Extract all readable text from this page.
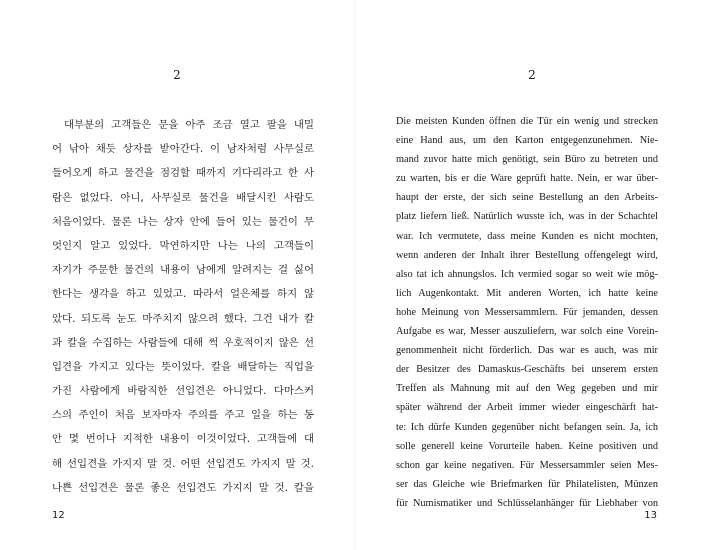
2
대부분의 고객들은 문을 아주 조금 열고 팔을 내밀
어 낚아 채듯 상자를 받아간다. 이 남자처럼 사무실로
들어오게 하고 물건을 점검할 때까지 기다리라고 한 사
람은 없었다. 아니, 사무실로 물건을 배달시킨 사람도
처음이었다. 물론 나는 상자 안에 들어 있는 물건이 무
엇인지 알고 있었다. 막연하지만 나는 나의 고객들이
자기가 주문한 물건의 내용이 남에게 알려지는 걸 싫어
한다는 생각을 하고 있었고. 따라서 얼은체를 하지 않
았다. 되도록 눈도 마주치지 않으려 했다. 그건 내가 칼
과 칼을 수집하는 사람들에 대해 썩 우호적이지 않은 선
입견을 가지고 있다는 뜻이었다. 칼을 배달하는 직업을
가진 사람에게 바람직한 선입견은 아니었다. 다마스커
스의 주인이 처음 보자마자 주의를 주고 일을 하는 동
안 몇 번이나 지적한 내용이 이것이었다. 고객들에 대
해 선입견을 가지지 말 것. 어떤 선입견도 가지지 말 것.
나쁜 선입견은 물론 좋은 선입견도 가지지 말 것. 칼을
12
2
Die meisten Kunden öffnen die Tür ein wenig und strecken
eine Hand aus, um den Karton entgegenzunehmen. Nie-
mand zuvor hatte mich genötigt, sein Büro zu betreten und
zu warten, bis er die Ware geprüft hatte. Nein, er war über-
haupt der erste, der sich seine Bestellung an den Arbeits-
platz liefern ließ. Natürlich wusste ich, was in der Schachtel
war. Ich vermutete, dass meine Kunden es nicht mochten,
wenn anderen der Inhalt ihrer Bestellung offengelegt wird,
also tat ich ahnungslos. Ich vermied sogar so weit wie mög-
lich Augenkontakt. Mit anderen Worten, ich hatte keine
hohe Meinung von Messersammlern. Für jemanden, dessen
Aufgabe es war, Messer auszuliefern, war solch eine Vorein-
genommenheit nicht förderlich. Das war es auch, was mir
der Besitzer des Damaskus-Geschäfts bei unserem ersten
Treffen als Mahnung mit auf den Weg gegeben und mir
später während der Arbeit immer wieder eingeschärft hat-
te: Ich dürfe Kunden gegenüber nicht befangen sein. Ja, ich
solle generell keine Vorurteile haben. Keine positiven und
schon gar keine negativen. Für Messersammler seien Mes-
ser das Gleiche wie Briefmarken für Philatelisten, Münzen
für Numismatiker und Schlüsselanhänger für Liebhaber von
13
